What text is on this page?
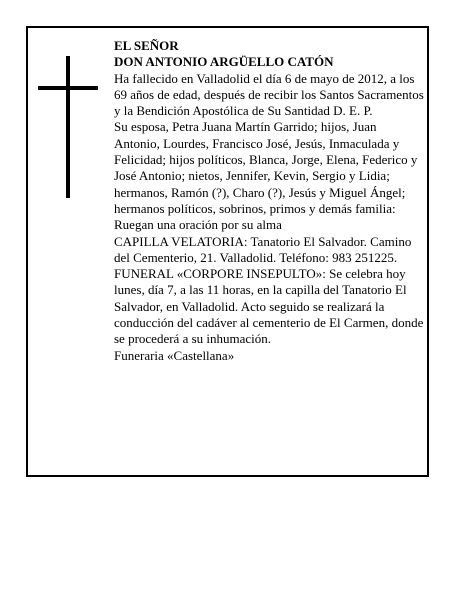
EL SEÑOR

DON ANTONIO ARGÜELLO CATÓN

Ha fallecido en Valladolid el día 6 de mayo de 2012, a los 69 años de edad, después de recibir los Santos Sacramentos y la Bendición Apostólica de Su Santidad D. E. P.

Su esposa, Petra Juana Martín Garrido; hijos, Juan Antonio, Lourdes, Francisco José, Jesús, Inmaculada y Felicidad; hijos políticos, Blanca, Jorge, Elena, Federico y José Antonio; nietos, Jennifer, Kevin, Sergio y Lidia; hermanos, Ramón (?), Charo (?), Jesús y Miguel Ángel; hermanos políticos, sobrinos, primos y demás familia:

Ruegan una oración por su alma

CAPILLA VELATORIA: Tanatorio El Salvador. Camino del Cementerio, 21. Valladolid. Teléfono: 983 251225.

FUNERAL «CORPORE INSEPULTO»: Se celebra hoy lunes, día 7, a las 11 horas, en la capilla del Tanatorio El Salvador, en Valladolid. Acto seguido se realizará la conducción del cadáver al cementerio de El Carmen, donde se procederá a su inhumación.

Funeraria «Castellana»
